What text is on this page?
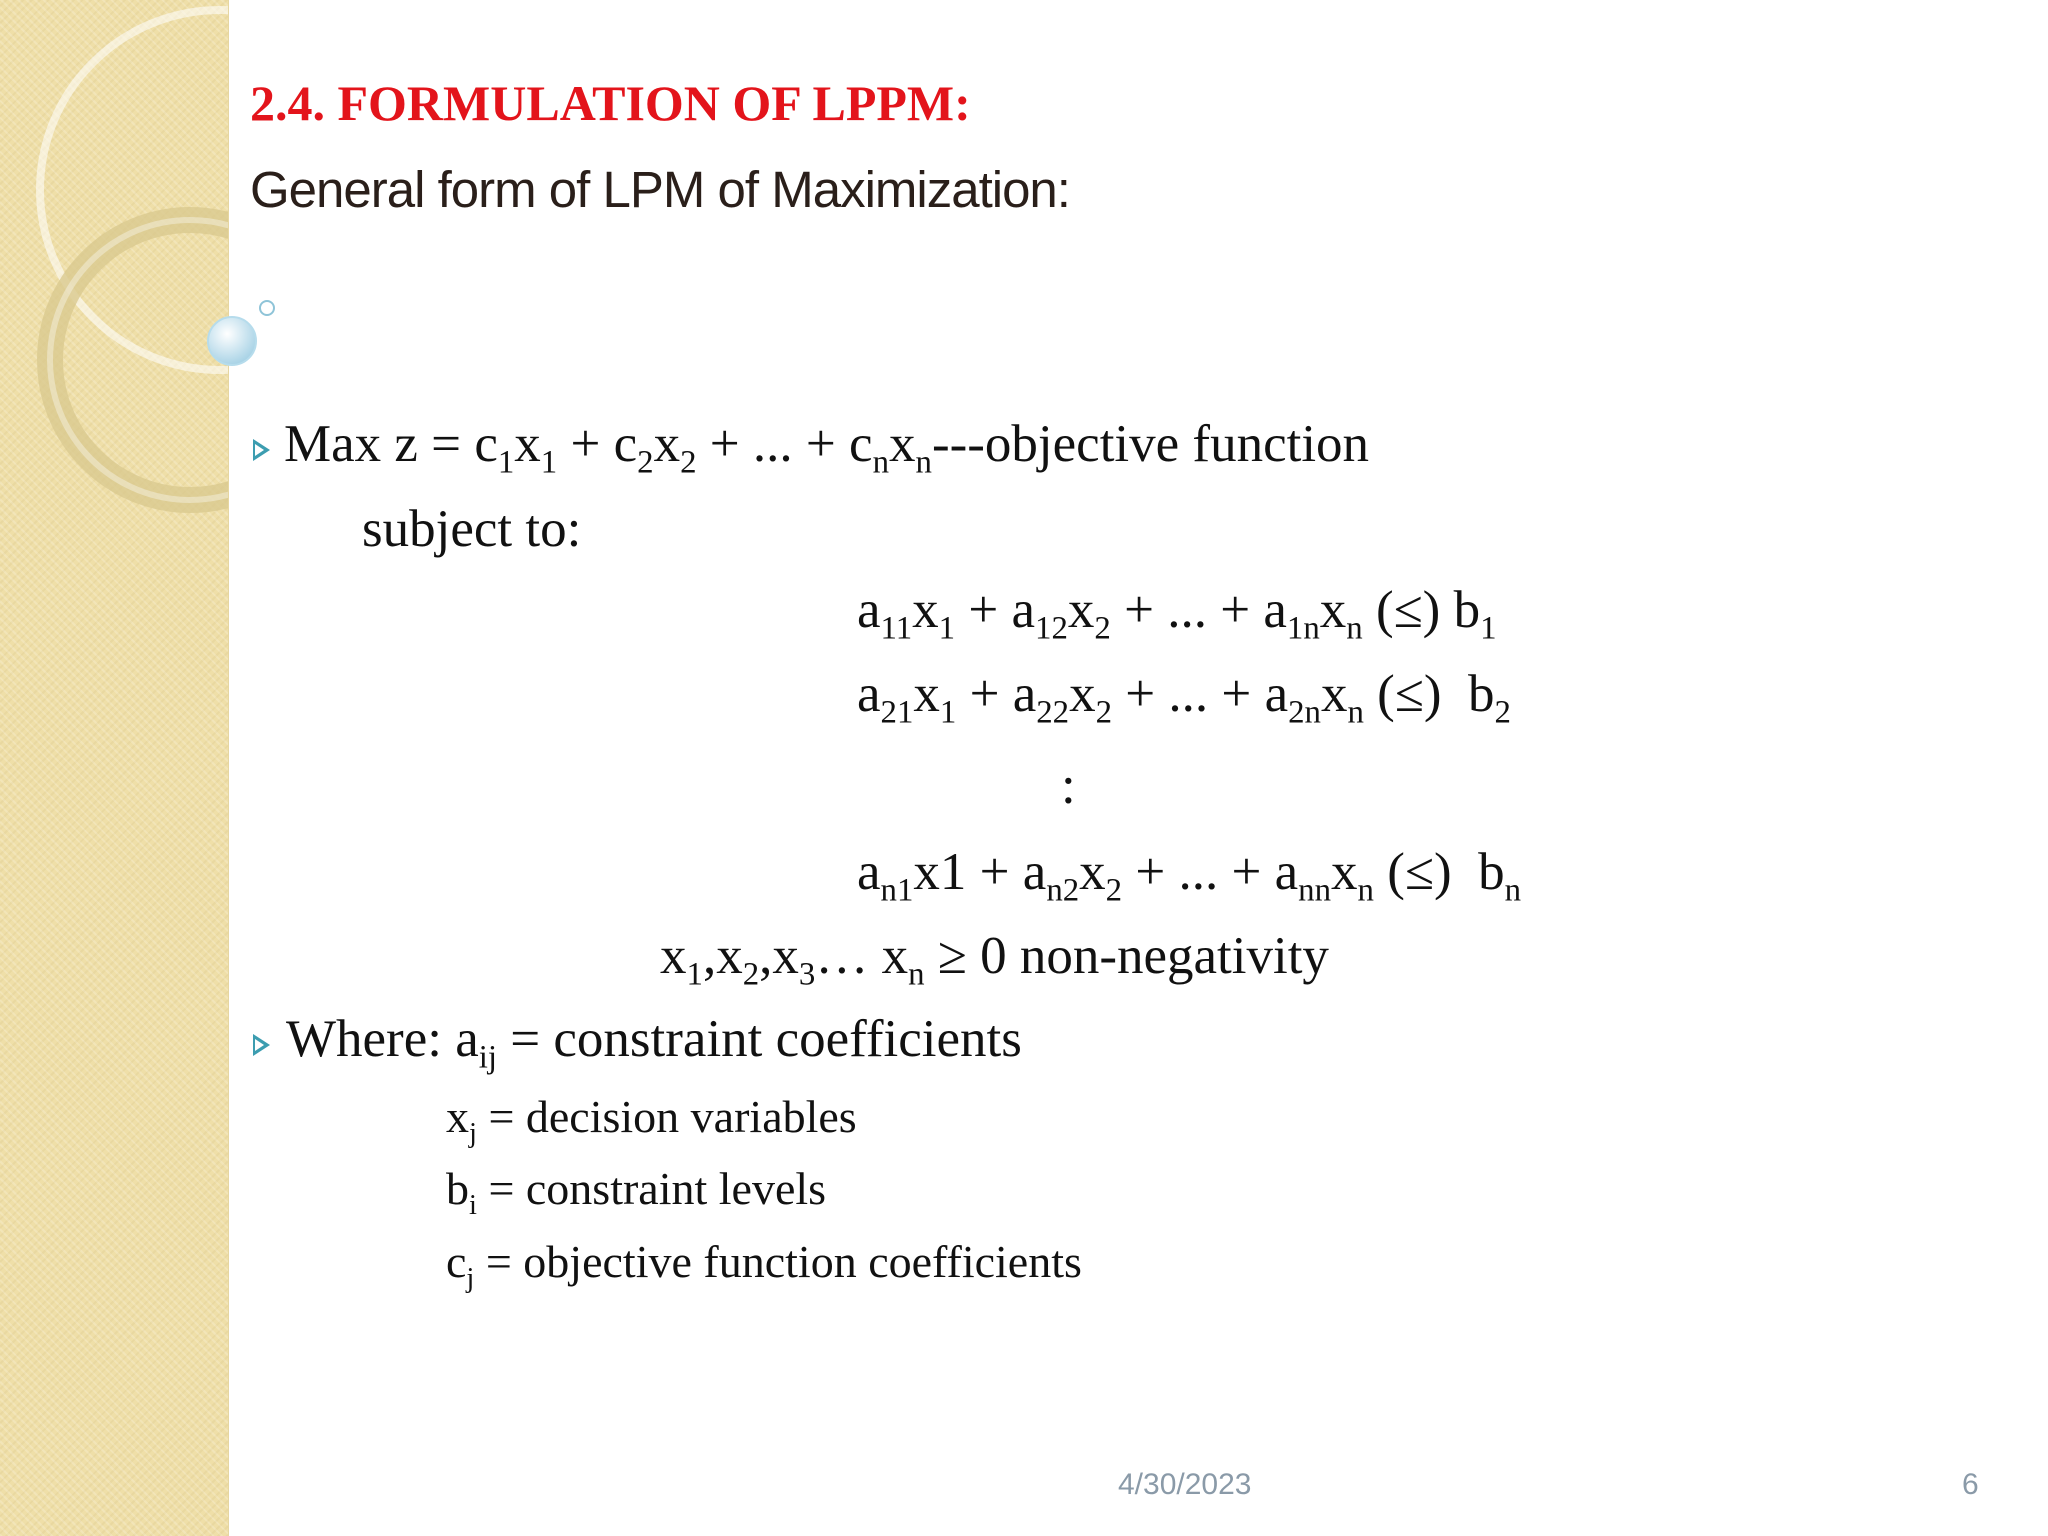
2.4. FORMULATION OF LPPM:
General form of LPM of Maximization:
Max $z = c_1x_1 + c_2x_2$ + ... + $c_nx_n--$-objective function
subject to:
$a_{11}x_1 + a_{12}x_2$ + ... + $a_{1n}x_n$ (≤) $b_1$
$a_{21}x_1 + a_{22}x_2$ + ... + $a_{2n}x_n$ (≤)  $b_2$
:
$a_{n1}x1 + a_{n2}x_2$ + ... + $a_{nn}x_n$ (≤)  $b_n$
$x_1,x_2,x_3\dots$ $x_n \ge 0$ non-negativity
Where: $a_{ij}$ = constraint coefficients
$x_j$ = decision variables
$b_i$ = constraint levels
$c_j$ = objective function coefficients
4/30/2023	6
